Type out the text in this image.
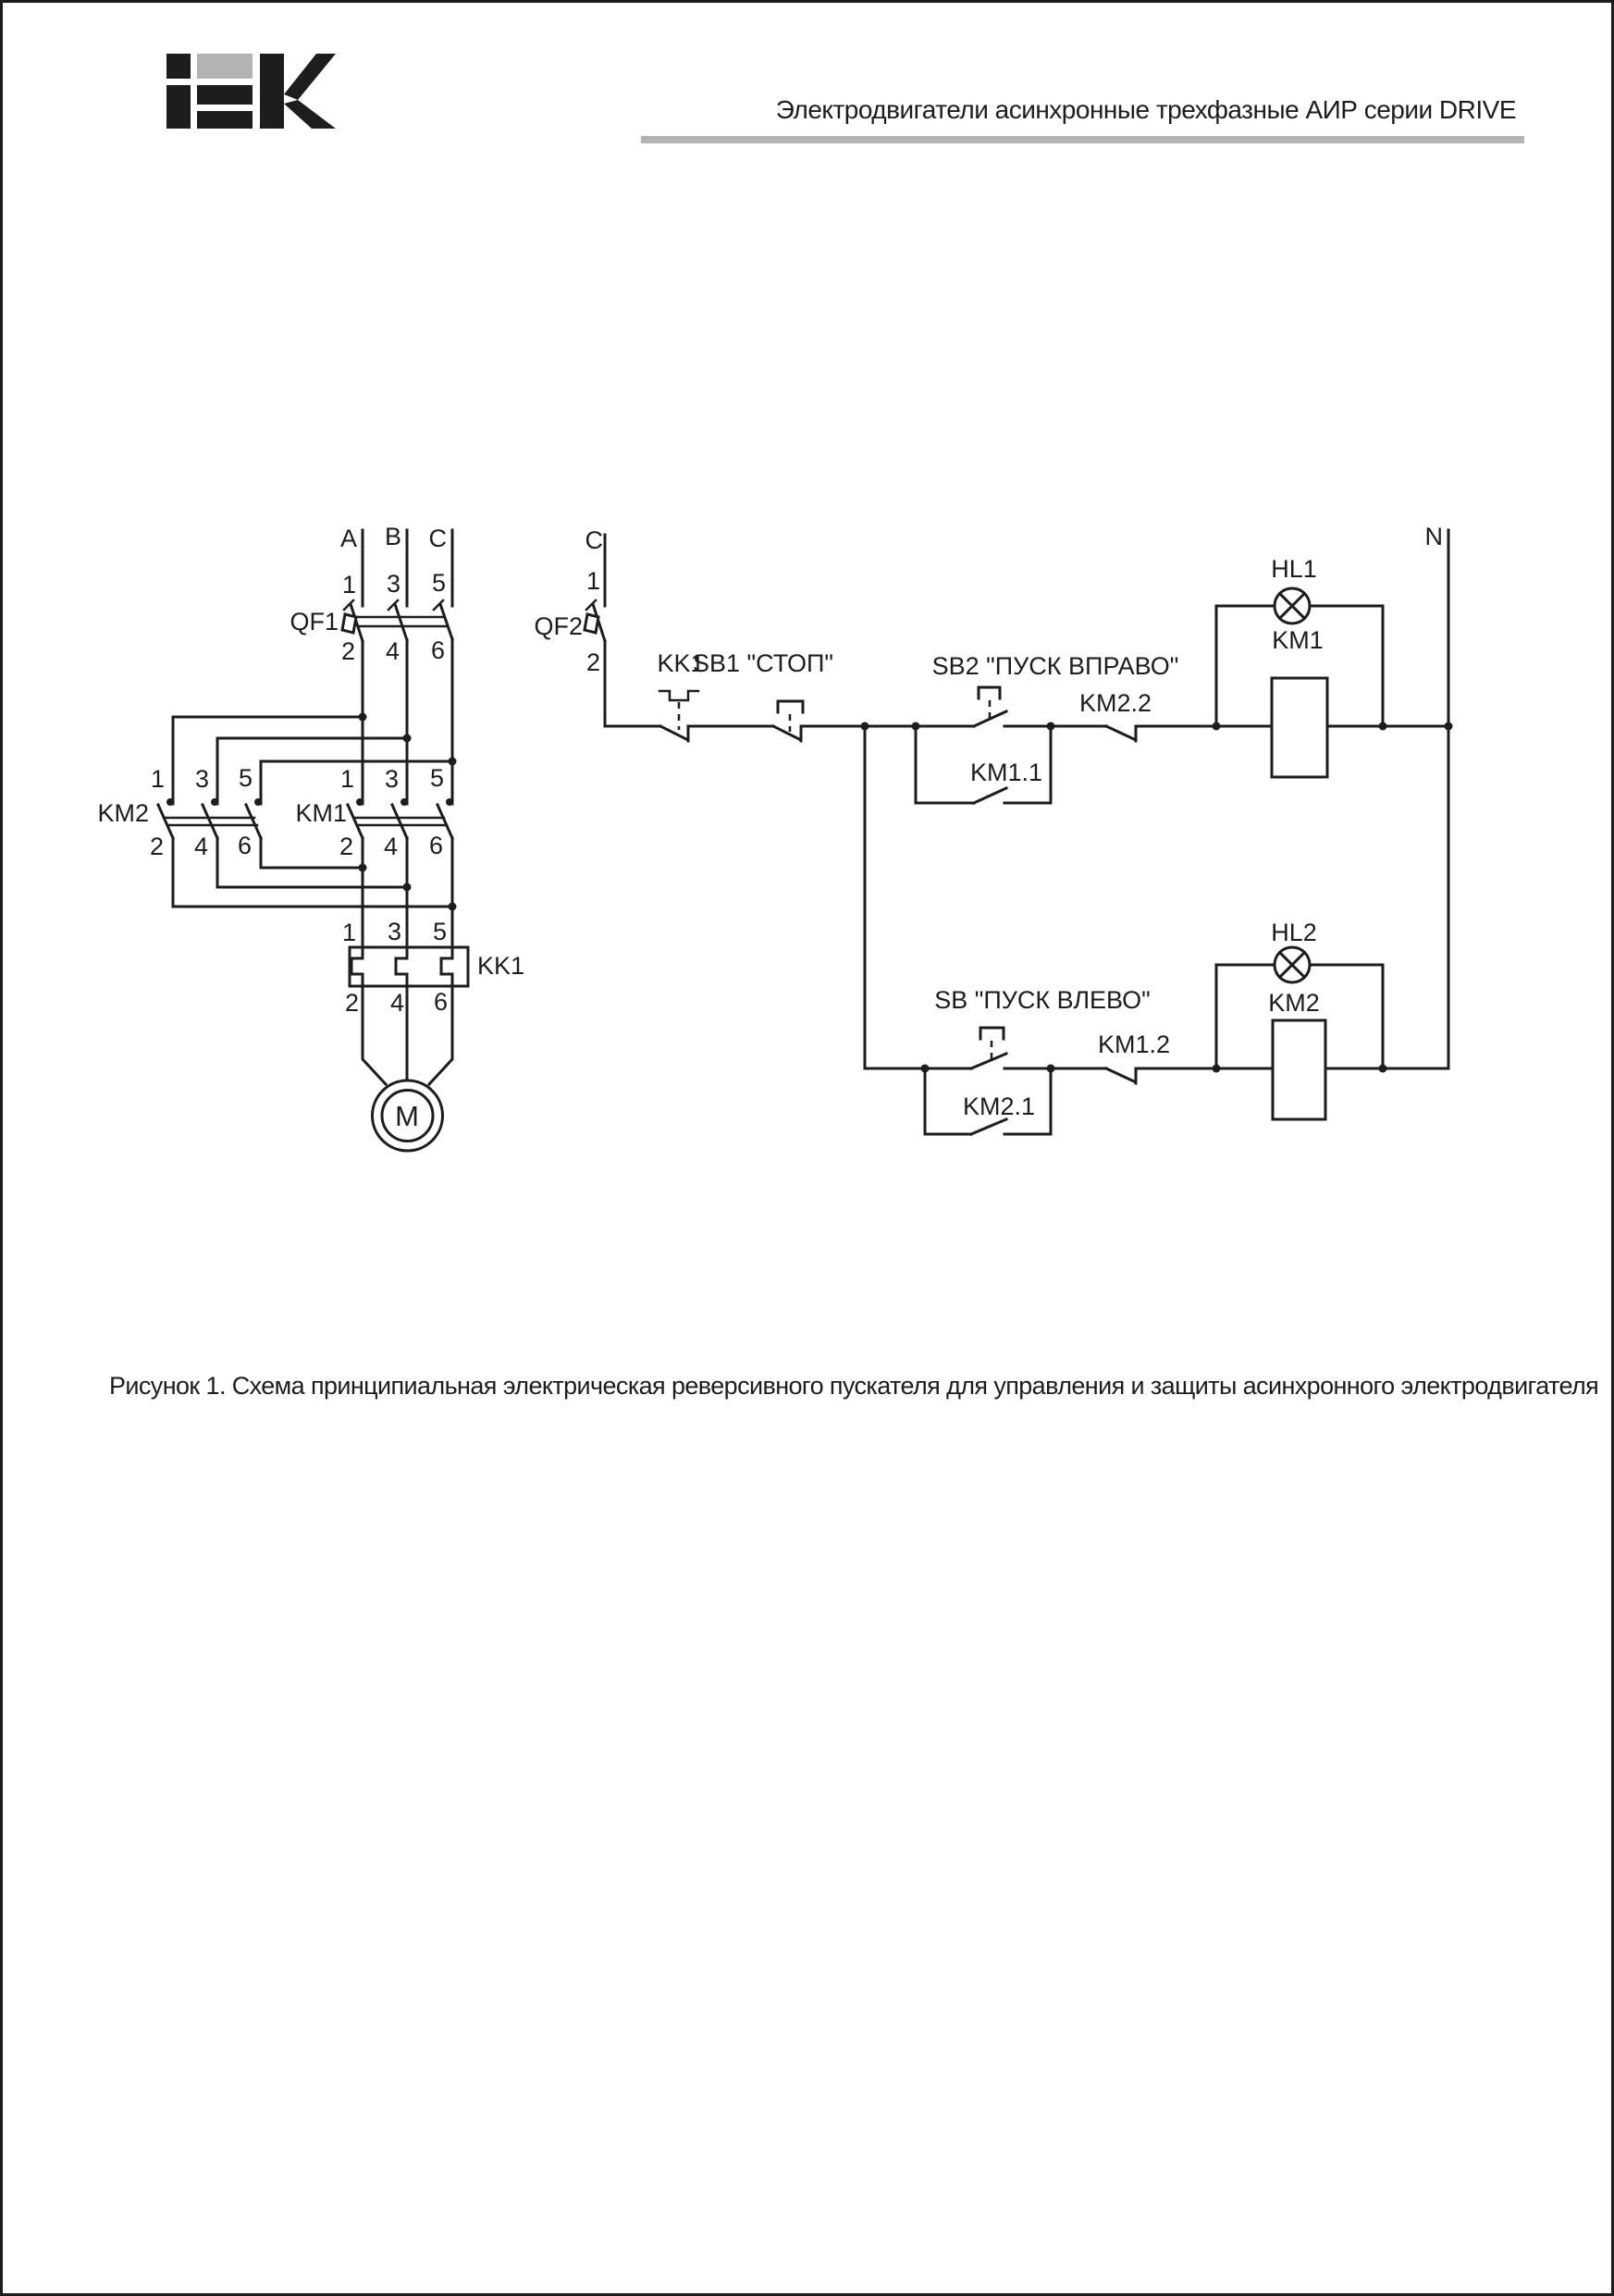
Электродвигатели асинхронные трехфазные АИР серии DRIVE
A B C
1 3 5
QF1
2 4 6
1 3 5
KM2
2 4 6
1 3 5
KM1
2 4 6
1 3 5
KK1
2 4 6
M
C	N
1
QF2
2 KK1
SB1 "СТОП"	SB2 "ПУСК ВПРАВО"
KM1.1
KM2.2
HL1
KM1
SB "ПУСК ВЛЕВО"
KM2.1
KM1.2
HL2
KM2
Рисунок 1. Схема принципиальная электрическая реверсивного пускателя для управления и защиты асинхронного электродвигателя
